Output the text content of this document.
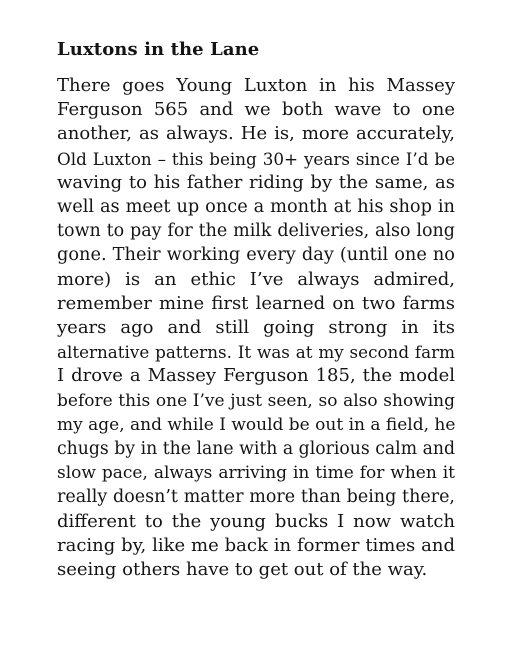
Luxtons in the Lane
There goes Young Luxton in his Massey
Ferguson 565 and we both wave to one
another, as always. He is, more accurately,
Old Luxton – this being 30+ years since I’d be
waving to his father riding by the same, as
well as meet up once a month at his shop in
town to pay for the milk deliveries, also long
gone. Their working every day (until one no
more) is an ethic I’ve always admired,
remember mine first learned on two farms
years ago and still going strong in its
alternative patterns. It was at my second farm
I drove a Massey Ferguson 185, the model
before this one I’ve just seen, so also showing
my age, and while I would be out in a field, he
chugs by in the lane with a glorious calm and
slow pace, always arriving in time for when it
really doesn’t matter more than being there,
different to the young bucks I now watch
racing by, like me back in former times and
seeing others have to get out of the way.
